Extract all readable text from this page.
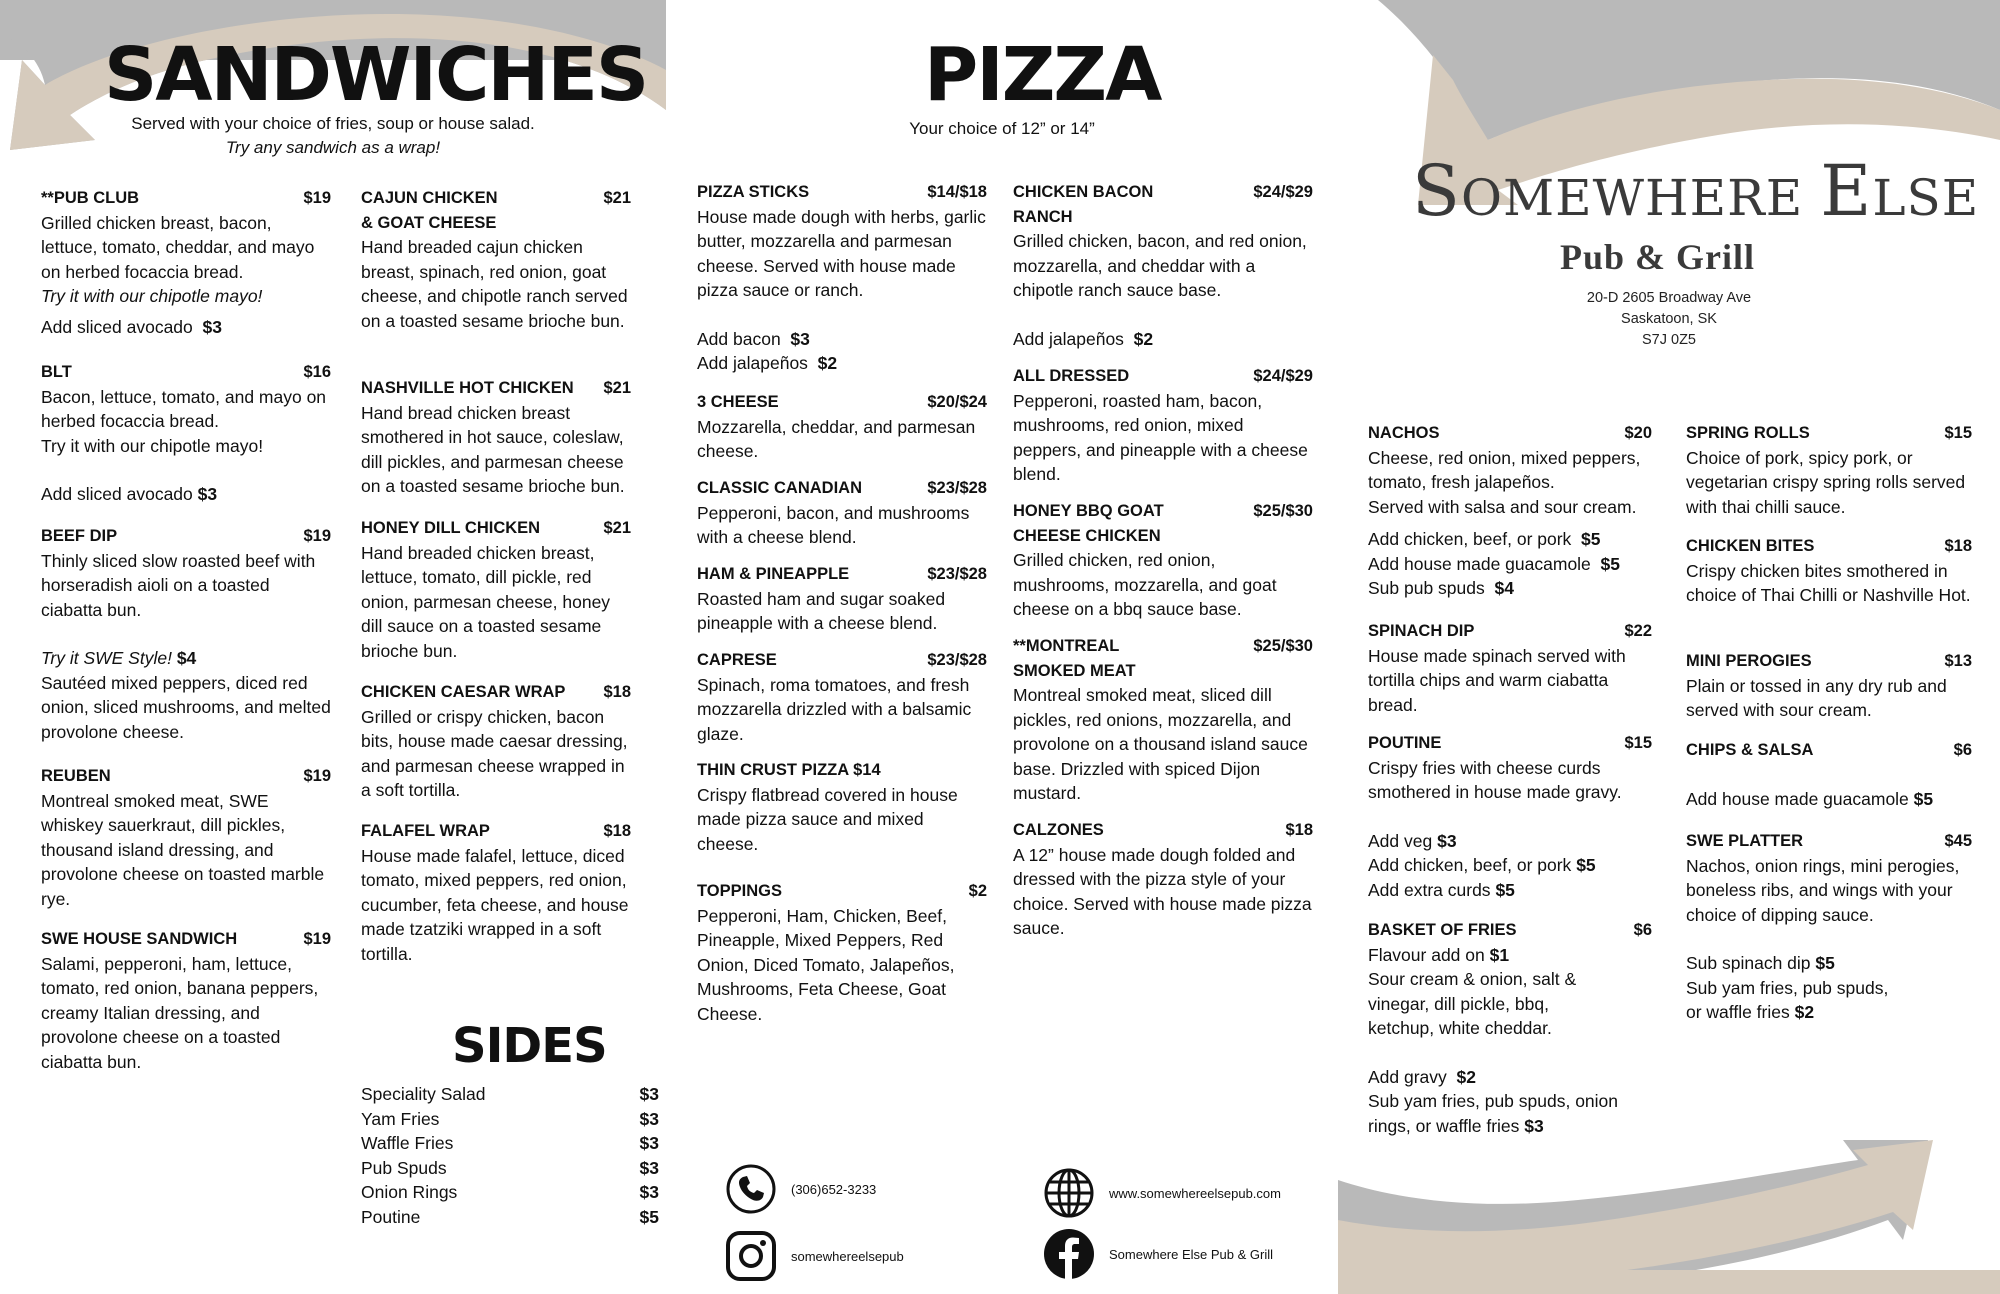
SANDWICHES
Served with your choice of fries, soup or house salad.
Try any sandwich as a wrap!
**PUB CLUB	$19
Grilled chicken breast, bacon, lettuce, tomato, cheddar, and mayo on herbed focaccia bread.
Try it with our chipotle mayo!
Add sliced avocado $3
BLT	$16
Bacon, lettuce, tomato, and mayo on herbed focaccia bread.
Try it with our chipotle mayo!
Add sliced avocado $3
BEEF DIP	$19
Thinly sliced slow roasted beef with horseradish aioli on a toasted ciabatta bun.
Try it SWE Style! $4
Sautéed mixed peppers, diced red onion, sliced mushrooms, and melted provolone cheese.
REUBEN	$19
Montreal smoked meat, SWE whiskey sauerkraut, dill pickles, thousand island dressing, and provolone cheese on toasted marble rye.
SWE HOUSE SANDWICH	$19
Salami, pepperoni, ham, lettuce, tomato, red onion, banana peppers, creamy Italian dressing, and provolone cheese on a toasted ciabatta bun.
CAJUN CHICKEN
& GOAT CHEESE
$21
Hand breaded cajun chicken breast, spinach, red onion, goat cheese, and chipotle ranch served on a toasted sesame brioche bun.
NASHVILLE HOT CHICKEN	$21
Hand bread chicken breast smothered in hot sauce, coleslaw, dill pickles, and parmesan cheese on a toasted sesame brioche bun.
HONEY DILL CHICKEN	$21
Hand breaded chicken breast, lettuce, tomato, dill pickle, red onion, parmesan cheese, honey dill sauce on a toasted sesame brioche bun.
CHICKEN CAESAR WRAP	$18
Grilled or crispy chicken, bacon bits, house made caesar dressing, and parmesan cheese wrapped in a soft tortilla.
FALAFEL WRAP	$18
House made falafel, lettuce, diced tomato, mixed peppers, red onion, cucumber, feta cheese, and house made tzatziki wrapped in a soft tortilla.
SIDES
Speciality Salad	$3
Yam Fries	$3
Waffle Fries	$3
Pub Spuds	$3
Onion Rings	$3
Poutine	$5
PIZZA
Your choice of 12” or 14”
PIZZA STICKS	$14/$18
House made dough with herbs, garlic butter, mozzarella and parmesan cheese. Served with house made pizza sauce or ranch.
Add bacon $3
Add jalapeños $2
3 CHEESE	$20/$24
Mozzarella, cheddar, and parmesan cheese.
CLASSIC CANADIAN	$23/$28
Pepperoni, bacon, and mushrooms with a cheese blend.
HAM & PINEAPPLE	$23/$28
Roasted ham and sugar soaked pineapple with a cheese blend.
CAPRESE	$23/$28
Spinach, roma tomatoes, and fresh mozzarella drizzled with a balsamic glaze.
THIN CRUST PIZZA $14
Crispy flatbread covered in house made pizza sauce and mixed cheese.
TOPPINGS	$2
Pepperoni, Ham, Chicken, Beef, Pineapple, Mixed Peppers, Red Onion, Diced Tomato, Jalapeños, Mushrooms, Feta Cheese, Goat Cheese.
CHICKEN BACON
RANCH
$24/$29
Grilled chicken, bacon, and red onion, mozzarella, and cheddar with a chipotle ranch sauce base.
Add jalapeños $2
ALL DRESSED	$24/$29
Pepperoni, roasted ham, bacon, mushrooms, red onion, mixed peppers, and pineapple with a cheese blend.
HONEY BBQ GOAT
CHEESE CHICKEN
$25/$30
Grilled chicken, red onion, mushrooms, mozzarella, and goat cheese on a bbq sauce base.
**MONTREAL
SMOKED MEAT
$25/$30
Montreal smoked meat, sliced dill pickles, red onions, mozzarella, and provolone on a thousand island sauce base. Drizzled with spiced Dijon mustard.
CALZONES	$18
A 12” house made dough folded and dressed with the pizza style of your choice. Served with house made pizza sauce.
(306)652-3233
somewhereelsepub
www.somewhereelsepub.com
Somewhere Else Pub & Grill
SOMEWHERE ELSE
Pub & Grill
20-D 2605 Broadway Ave
Saskatoon, SK
S7J 0Z5
NACHOS	$20
Cheese, red onion, mixed peppers, tomato, fresh jalapeños.
Served with salsa and sour cream.
Add chicken, beef, or pork $5
Add house made guacamole $5
Sub pub spuds $4
SPINACH DIP	$22
House made spinach served with tortilla chips and warm ciabatta bread.
POUTINE	$15
Crispy fries with cheese curds smothered in house made gravy.
Add veg $3
Add chicken, beef, or pork $5
Add extra curds $5
BASKET OF FRIES	$6
Flavour add on $1
Sour cream & onion, salt & vinegar, dill pickle, bbq, ketchup, white cheddar.
Add gravy $2
Sub yam fries, pub spuds, onion rings, or waffle fries $3
SPRING ROLLS	$15
Choice of pork, spicy pork, or vegetarian crispy spring rolls served with thai chilli sauce.
CHICKEN BITES	$18
Crispy chicken bites smothered in choice of Thai Chilli or Nashville Hot.
MINI PEROGIES	$13
Plain or tossed in any dry rub and served with sour cream.
CHIPS & SALSA	$6
Add house made guacamole $5
SWE PLATTER	$45
Nachos, onion rings, mini perogies, boneless ribs, and wings with your choice of dipping sauce.
Sub spinach dip $5
Sub yam fries, pub spuds, or waffle fries $2
